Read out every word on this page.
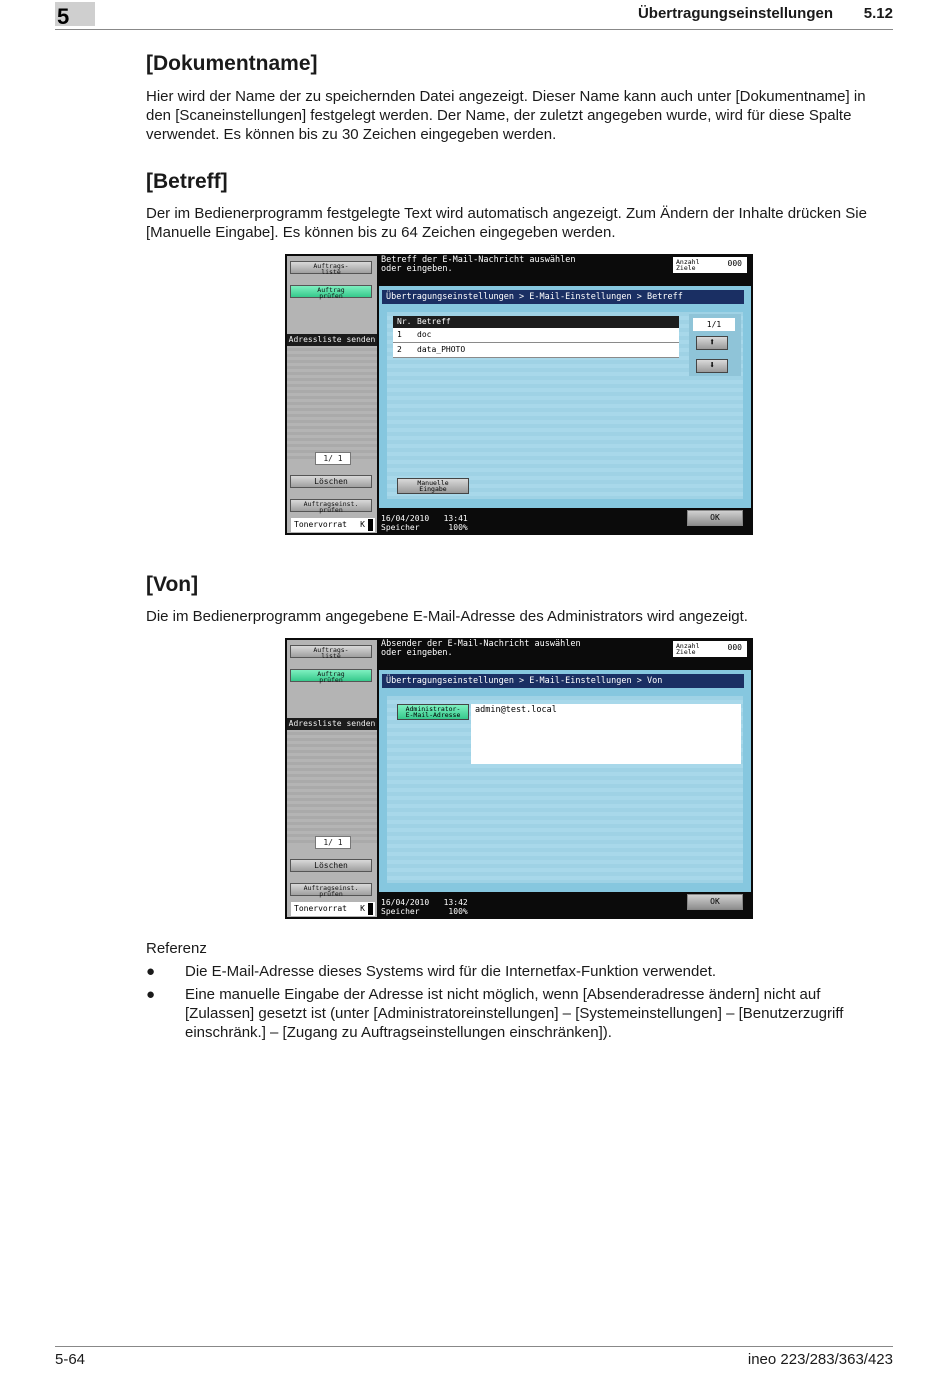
5	Übertragungseinstellungen 5.12
[Dokumentname]
Hier wird der Name der zu speichernden Datei angezeigt. Dieser Name kann auch unter [Dokumentname] in
den [Scaneinstellungen] festgelegt werden. Der Name, der zuletzt angegeben wurde, wird für diese Spalte
verwendet. Es können bis zu 30 Zeichen eingegeben werden.
[Betreff]
Der im Bedienerprogramm festgelegte Text wird automatisch angezeigt. Zum Ändern der Inhalte drücken Sie
[Manuelle Eingabe]. Es können bis zu 64 Zeichen eingegeben werden.
Auftrags-
liste
Auftrag
prüfen
Adressliste senden
1/ 1
Löschen
Auftragseinst.
prüfen
Tonervorrat K
Betreff der E-Mail-Nachricht auswählen
oder eingeben.
Anzahl
Ziele	000
Übertragungseinstellungen > E-Mail-Einstellungen > Betreff
Nr. Betreff
1 doc
2 data_PHOTO
1/1
⬆
⬇
Manuelle
Eingabe
16/04/2010   13:41
Speicher      100%
OK
[Von]
Die im Bedienerprogramm angegebene E-Mail-Adresse des Administrators wird angezeigt.
Auftrags-
liste
Auftrag
prüfen
Adressliste senden
1/ 1
Löschen
Auftragseinst.
prüfen
Tonervorrat K
Absender der E-Mail-Nachricht auswählen
oder eingeben.
Anzahl
Ziele	000
Übertragungseinstellungen > E-Mail-Einstellungen > Von
Administrator-
E-Mail-Adresse	admin@test.local
16/04/2010   13:42
Speicher      100%
OK
Referenz
● Die E-Mail-Adresse dieses Systems wird für die Internetfax-Funktion verwendet.
● Eine manuelle Eingabe der Adresse ist nicht möglich, wenn [Absenderadresse ändern] nicht auf
[Zulassen] gesetzt ist (unter [Administratoreinstellungen] – [Systemeinstellungen] – [Benutzerzugriff
einschränk.] – [Zugang zu Auftragseinstellungen einschränken]).
5-64	ineo 223/283/363/423
